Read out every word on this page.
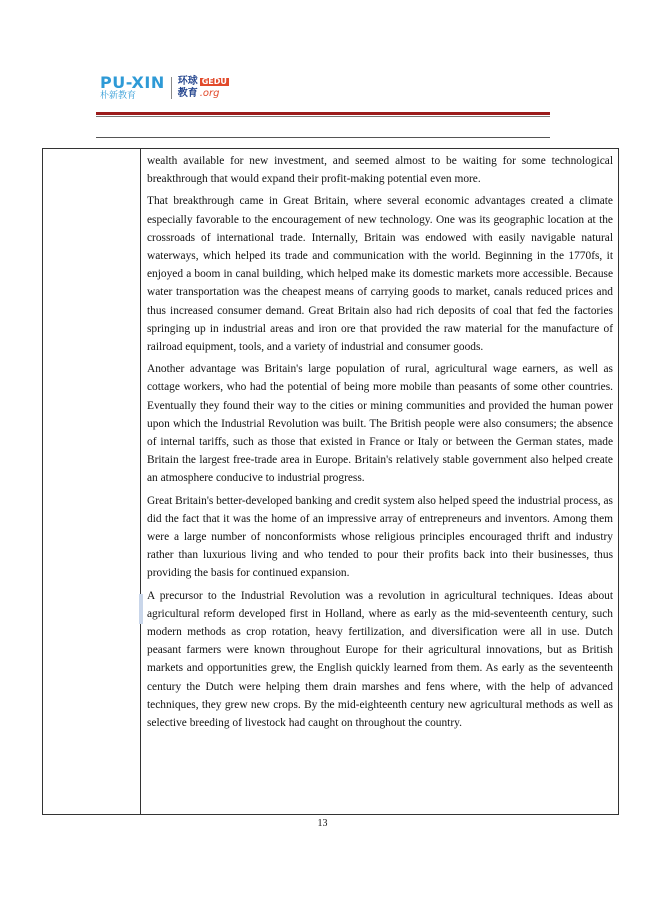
PU-XIN
朴新教育
环球 GEDU
教育 .org

wealth available for new investment, and seemed almost to be waiting for some technological breakthrough that would expand their profit-making potential even more.

That breakthrough came in Great Britain, where several economic advantages created a climate especially favorable to the encouragement of new technology. One was its geographic location at the crossroads of international trade. Internally, Britain was endowed with easily navigable natural waterways, which helped its trade and communication with the world. Beginning in the 1770fs, it enjoyed a boom in canal building, which helped make its domestic markets more accessible. Because water transportation was the cheapest means of carrying goods to market, canals reduced prices and thus increased consumer demand. Great Britain also had rich deposits of coal that fed the factories springing up in industrial areas and iron ore that provided the raw material for the manufacture of railroad equipment, tools, and a variety of industrial and consumer goods.

Another advantage was Britain's large population of rural, agricultural wage earners, as well as cottage workers, who had the potential of being more mobile than peasants of some other countries. Eventually they found their way to the cities or mining communities and provided the human power upon which the Industrial Revolution was built. The British people were also consumers; the absence of internal tariffs, such as those that existed in France or Italy or between the German states, made Britain the largest free-trade area in Europe. Britain's relatively stable government also helped create an atmosphere conducive to industrial progress.

Great Britain's better-developed banking and credit system also helped speed the industrial process, as did the fact that it was the home of an impressive array of entrepreneurs and inventors. Among them were a large number of nonconformists whose religious principles encouraged thrift and industry rather than luxurious living and who tended to pour their profits back into their businesses, thus providing the basis for continued expansion.

A precursor to the Industrial Revolution was a revolution in agricultural techniques. Ideas about agricultural reform developed first in Holland, where as early as the mid-seventeenth century, such modern methods as crop rotation, heavy fertilization, and diversification were all in use. Dutch peasant farmers were known throughout Europe for their agricultural innovations, but as British markets and opportunities grew, the English quickly learned from them. As early as the seventeenth century the Dutch were helping them drain marshes and fens where, with the help of advanced techniques, they grew new crops. By the mid-eighteenth century new agricultural methods as well as selective breeding of livestock had caught on throughout the country.

13
